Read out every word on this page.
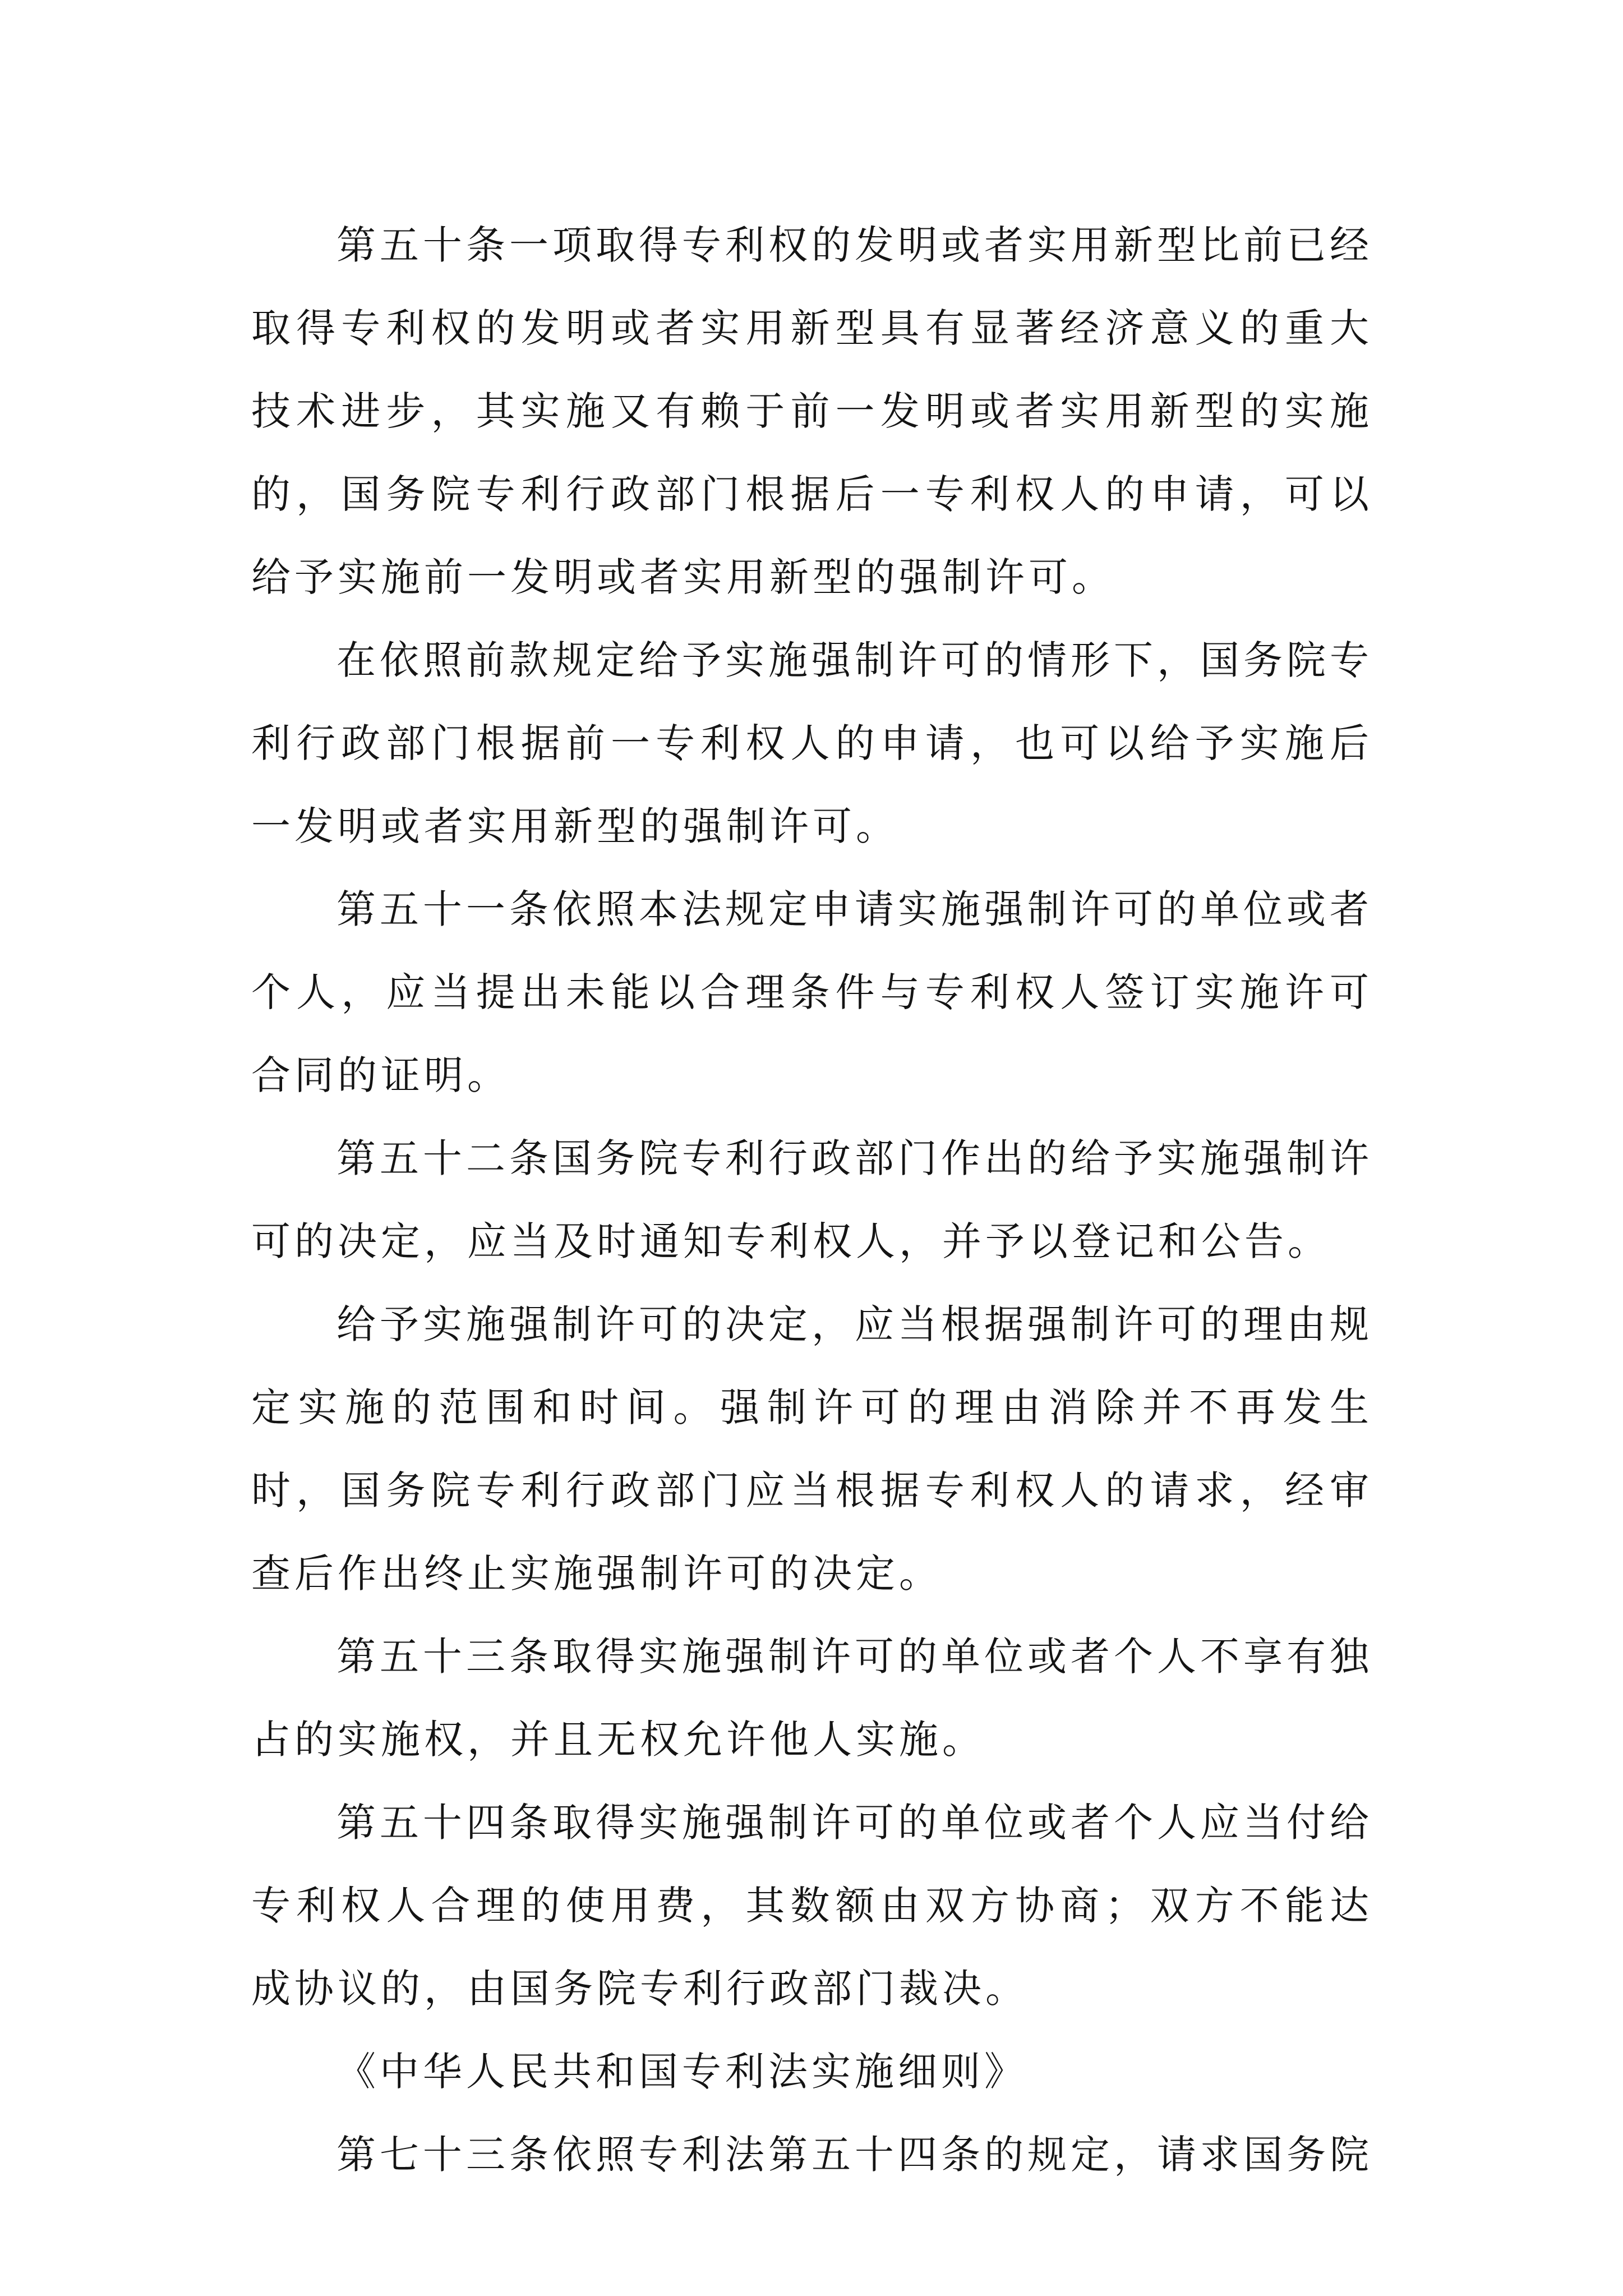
第五十条一项取得专利权的发明或者实用新型比前已经取得专利权的发明或者实用新型具有显著经济意义的重大技术进步，其实施又有赖于前一发明或者实用新型的实施的，国务院专利行政部门根据后一专利权人的申请，可以给予实施前一发明或者实用新型的强制许可。

在依照前款规定给予实施强制许可的情形下，国务院专利行政部门根据前一专利权人的申请，也可以给予实施后一发明或者实用新型的强制许可。

第五十一条依照本法规定申请实施强制许可的单位或者个人，应当提出未能以合理条件与专利权人签订实施许可合同的证明。

第五十二条国务院专利行政部门作出的给予实施强制许可的决定，应当及时通知专利权人，并予以登记和公告。

给予实施强制许可的决定，应当根据强制许可的理由规定实施的范围和时间。强制许可的理由消除并不再发生时，国务院专利行政部门应当根据专利权人的请求，经审查后作出终止实施强制许可的决定。

第五十三条取得实施强制许可的单位或者个人不享有独占的实施权，并且无权允许他人实施。

第五十四条取得实施强制许可的单位或者个人应当付给专利权人合理的使用费，其数额由双方协商；双方不能达成协议的，由国务院专利行政部门裁决。

《中华人民共和国专利法实施细则》

第七十三条依照专利法第五十四条的规定，请求国务院
